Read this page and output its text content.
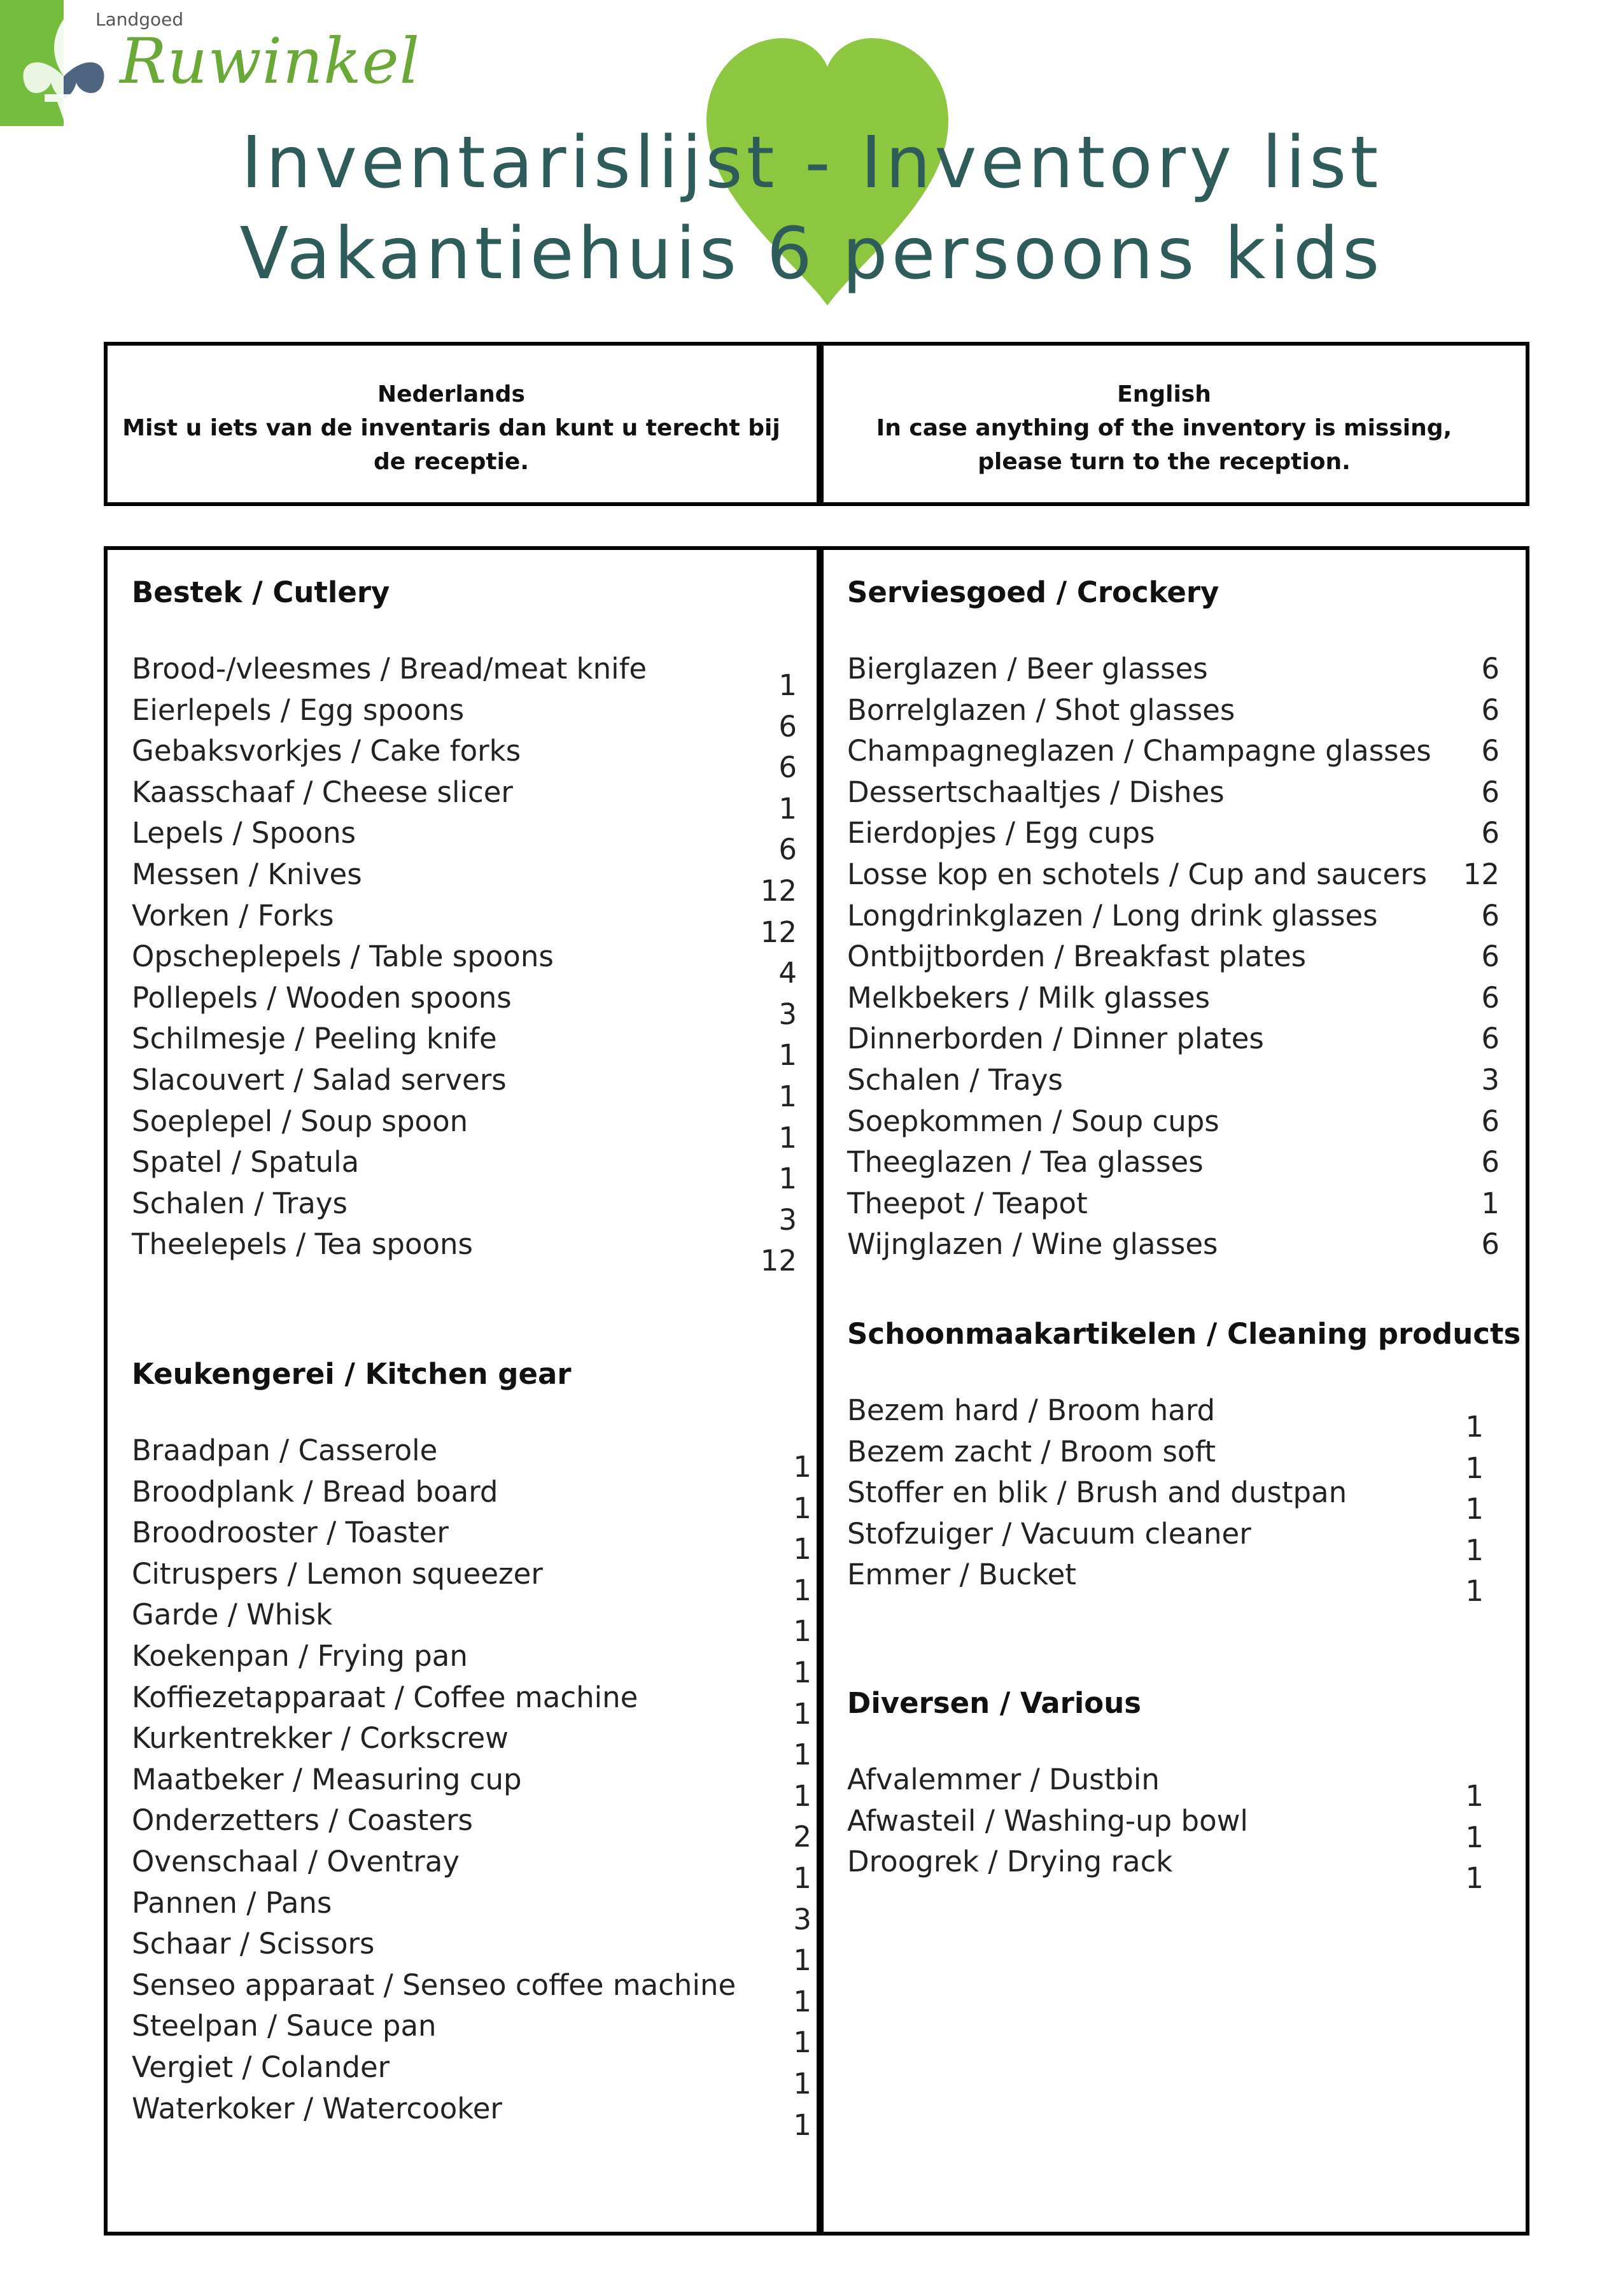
Landgoed
Ruwinkel
Inventarislijst - Inventory list
Vakantiehuis 6 persoons kids
Nederlands
Mist u iets van de inventaris dan kunt u terecht bij de receptie.
English
In case anything of the inventory is missing, please turn to the reception.
Bestek / Cutlery
Brood-/vleesmes / Bread/meat knife	1
Eierlepels / Egg spoons	6
Gebaksvorkjes / Cake forks	6
Kaasschaaf / Cheese slicer	1
Lepels / Spoons	6
Messen / Knives	12
Vorken / Forks	12
Opscheplepels / Table spoons	4
Pollepels / Wooden spoons	3
Schilmesje / Peeling knife	1
Slacouvert / Salad servers	1
Soeplepel / Soup spoon	1
Spatel / Spatula	1
Schalen / Trays	3
Theelepels / Tea spoons	12
Keukengerei / Kitchen gear
Braadpan / Casserole	1
Broodplank / Bread board	1
Broodrooster / Toaster	1
Citruspers / Lemon squeezer	1
Garde / Whisk	1
Koekenpan / Frying pan	1
Koffiezetapparaat / Coffee machine	1
Kurkentrekker / Corkscrew	1
Maatbeker / Measuring cup	1
Onderzetters / Coasters	2
Ovenschaal / Oventray	1
Pannen / Pans	3
Schaar / Scissors	1
Senseo apparaat / Senseo coffee machine	1
Steelpan / Sauce pan	1
Vergiet / Colander	1
Waterkoker / Watercooker	1
Serviesgoed / Crockery
Bierglazen / Beer glasses	6
Borrelglazen / Shot glasses	6
Champagneglazen / Champagne glasses	6
Dessertschaaltjes / Dishes	6
Eierdopjes / Egg cups	6
Losse kop en schotels / Cup and saucers 12
Longdrinkglazen / Long drink glasses	6
Ontbijtborden / Breakfast plates	6
Melkbekers / Milk glasses	6
Dinnerborden / Dinner plates	6
Schalen / Trays	3
Soepkommen / Soup cups	6
Theeglazen / Tea glasses	6
Theepot / Teapot	1
Wijnglazen / Wine glasses	6
Schoonmaakartikelen / Cleaning products
Bezem hard / Broom hard	1
Bezem zacht / Broom soft	1
Stoffer en blik / Brush and dustpan	1
Stofzuiger / Vacuum cleaner	1
Emmer / Bucket	1
Diversen / Various
Afvalemmer / Dustbin	1
Afwasteil / Washing-up bowl	1
Droogrek / Drying rack	1
